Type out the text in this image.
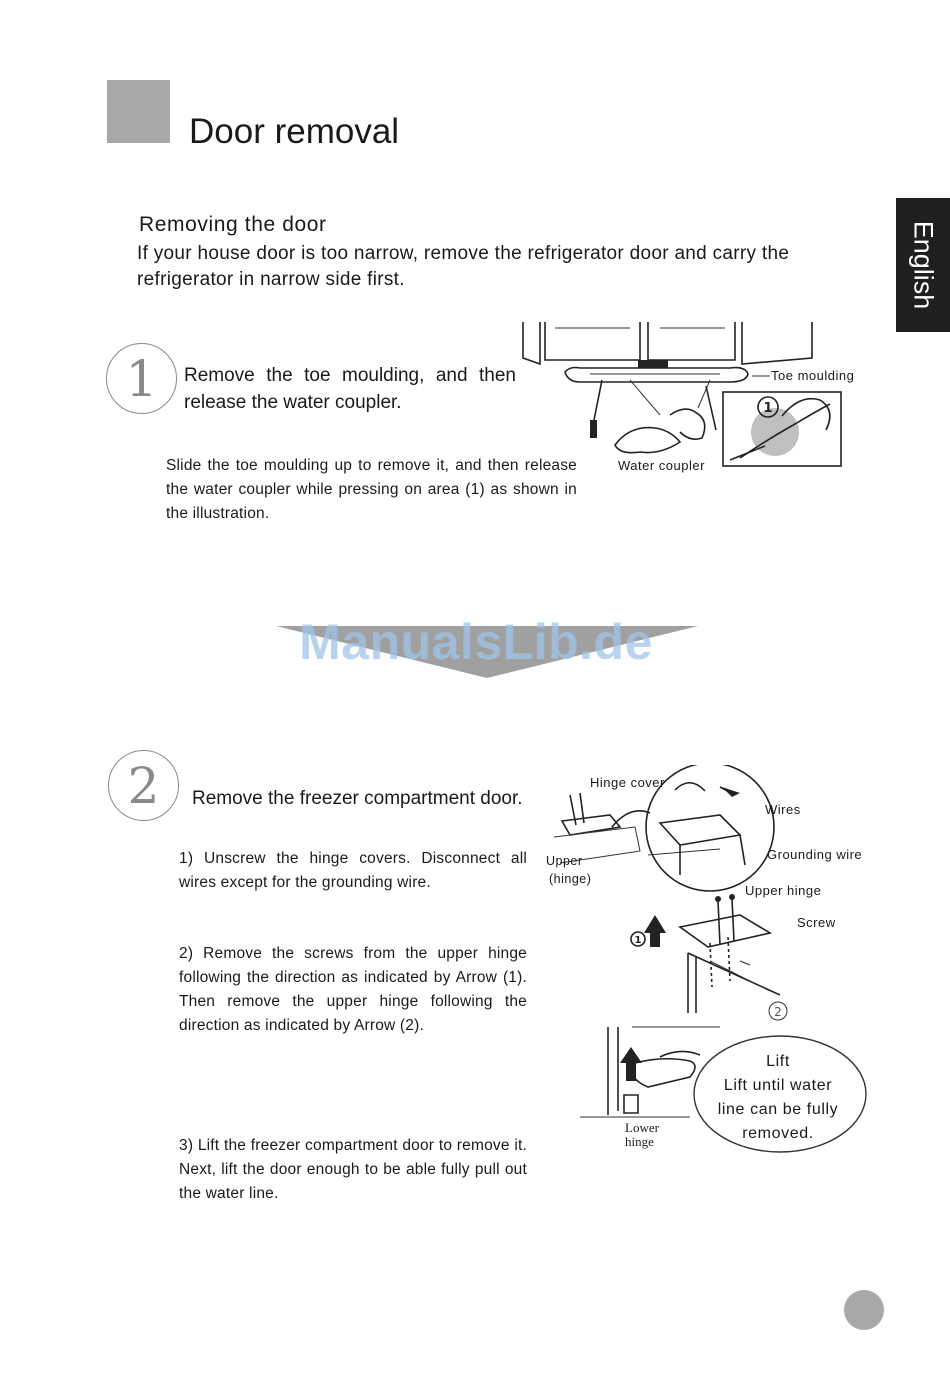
Door removal
English
Removing the door
If your house door is too narrow, remove the refrigerator door and carry the refrigerator in narrow side first.
1 Remove the toe moulding, and then release the water coupler.
Slide the toe moulding up to remove it, and then release the water coupler while pressing on area (1) as shown in the illustration.
1
Toe moulding
Water coupler
ManualsLib.de
2 Remove the freezer compartment door.
1) Unscrew the hinge covers. Disconnect all wires except for the grounding wire.
2) Remove the screws from the upper hinge following the direction as indicated by Arrow (1). Then remove the upper hinge following the direction as indicated by Arrow (2).
3) Lift the freezer compartment door to remove it. Next, lift the door enough to be able fully pull out the water line.
1
2
Hinge cover
Wires
Upper
(hinge)
Grounding wire
Upper hinge
Screw
Lower
hinge
Lift
Lift until water
line can be fully
removed.
